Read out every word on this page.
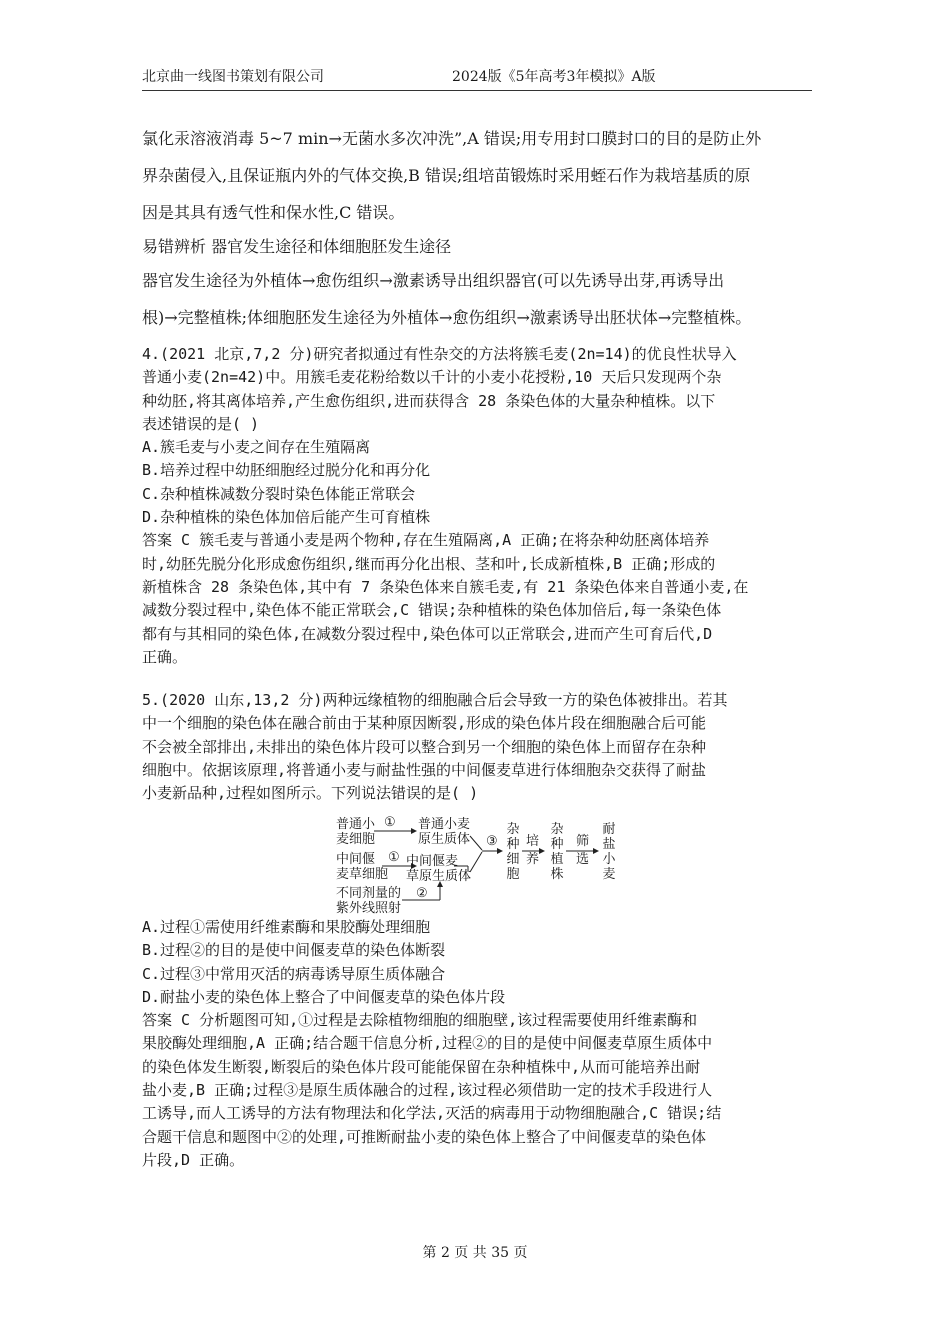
北京曲一线图书策划有限公司	2024版《5年高考3年模拟》A版
氯化汞溶液消毒 5~7 min→无菌水多次冲洗”,A 错误;用专用封口膜封口的目的是防止外
界杂菌侵入,且保证瓶内外的气体交换,B 错误;组培苗锻炼时采用蛭石作为栽培基质的原
因是其具有透气性和保水性,C 错误。
易错辨析 器官发生途径和体细胞胚发生途径
器官发生途径为外植体→愈伤组织→激素诱导出组织器官(可以先诱导出芽,再诱导出
根)→完整植株;体细胞胚发生途径为外植体→愈伤组织→激素诱导出胚状体→完整植株。
4.(2021 北京,7,2 分)研究者拟通过有性杂交的方法将簇毛麦(2n=14)的优良性状导入
普通小麦(2n=42)中。用簇毛麦花粉给数以千计的小麦小花授粉,10 天后只发现两个杂
种幼胚,将其离体培养,产生愈伤组织,进而获得含 28 条染色体的大量杂种植株。以下
表述错误的是( )
A.簇毛麦与小麦之间存在生殖隔离
B.培养过程中幼胚细胞经过脱分化和再分化
C.杂种植株减数分裂时染色体能正常联会
D.杂种植株的染色体加倍后能产生可育植株
答案 C 簇毛麦与普通小麦是两个物种,存在生殖隔离,A 正确;在将杂种幼胚离体培养
时,幼胚先脱分化形成愈伤组织,继而再分化出根、茎和叶,长成新植株,B 正确;形成的
新植株含 28 条染色体,其中有 7 条染色体来自簇毛麦,有 21 条染色体来自普通小麦,在
减数分裂过程中,染色体不能正常联会,C 错误;杂种植株的染色体加倍后,每一条染色体
都有与其相同的染色体,在减数分裂过程中,染色体可以正常联会,进而产生可育后代,D
正确。
5.(2020 山东,13,2 分)两种远缘植物的细胞融合后会导致一方的染色体被排出。若其
中一个细胞的染色体在融合前由于某种原因断裂,形成的染色体片段在细胞融合后可能
不会被全部排出,未排出的染色体片段可以整合到另一个细胞的染色体上而留存在杂种
细胞中。依据该原理,将普通小麦与耐盐性强的中间偃麦草进行体细胞杂交获得了耐盐
小麦新品种,过程如图所示。下列说法错误的是( )
普通小
麦细胞
① 普通小麦
原生质体
中间偃
麦草细胞
① 中间偃麦
草原生质体
不同剂量的
紫外线照射
②
③
杂
种
细
胞
培
养
杂
种
植
株
筛
选
耐
盐
小
麦
A.过程①需使用纤维素酶和果胶酶处理细胞
B.过程②的目的是使中间偃麦草的染色体断裂
C.过程③中常用灭活的病毒诱导原生质体融合
D.耐盐小麦的染色体上整合了中间偃麦草的染色体片段
答案 C 分析题图可知,①过程是去除植物细胞的细胞壁,该过程需要使用纤维素酶和
果胶酶处理细胞,A 正确;结合题干信息分析,过程②的目的是使中间偃麦草原生质体中
的染色体发生断裂,断裂后的染色体片段可能能保留在杂种植株中,从而可能培养出耐
盐小麦,B 正确;过程③是原生质体融合的过程,该过程必须借助一定的技术手段进行人
工诱导,而人工诱导的方法有物理法和化学法,灭活的病毒用于动物细胞融合,C 错误;结
合题干信息和题图中②的处理,可推断耐盐小麦的染色体上整合了中间偃麦草的染色体
片段,D 正确。
第 2 页 共 35 页
